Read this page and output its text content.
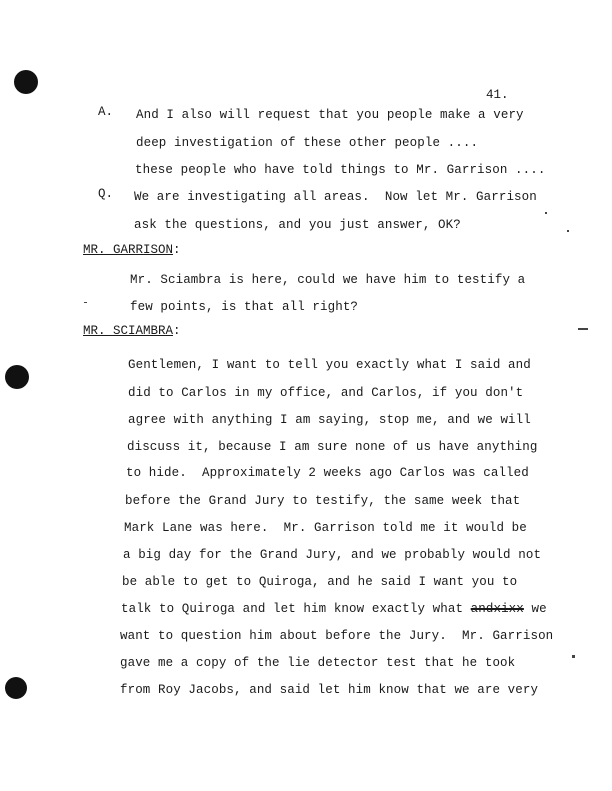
41.
A. And I also will request that you people make a very
deep investigation of these other people ....
these people who have told things to Mr. Garrison ....
Q. We are investigating all areas.  Now let Mr. Garrison
ask the questions, and you just answer, OK?
MR. GARRISON:
Mr. Sciambra is here, could we have him to testify a
few points, is that all right?
MR. SCIAMBRA:
Gentlemen, I want to tell you exactly what I said and
did to Carlos in my office, and Carlos, if you don't
agree with anything I am saying, stop me, and we will
discuss it, because I am sure none of us have anything
to hide.  Approximately 2 weeks ago Carlos was called
before the Grand Jury to testify, the same week that
Mark Lane was here.  Mr. Garrison told me it would be
a big day for the Grand Jury, and we probably would not
be able to get to Quiroga, and he said I want you to
talk to Quiroga and let him know exactly what andxixx we
want to question him about before the Jury.  Mr. Garrison
gave me a copy of the lie detector test that he took
from Roy Jacobs, and said let him know that we are very
